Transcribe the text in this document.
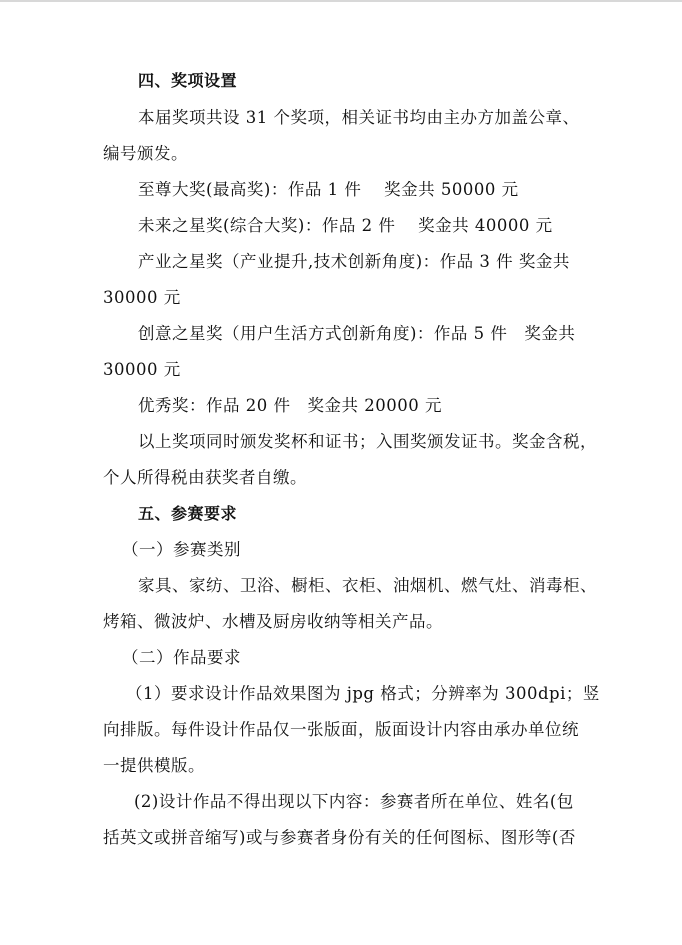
四、奖项设置

本届奖项共设 31 个奖项，相关证书均由主办方加盖公章、

编号颁发。

至尊大奖(最高奖)：作品 1 件　 奖金共 50000 元

未来之星奖(综合大奖)：作品 2 件　 奖金共 40000 元

产业之星奖（产业提升,技术创新角度)：作品 3 件 奖金共

30000 元

创意之星奖（用户生活方式创新角度)：作品 5 件　奖金共

30000 元

优秀奖：作品 20 件　奖金共 20000 元

以上奖项同时颁发奖杯和证书；入围奖颁发证书。奖金含税，

个人所得税由获奖者自缴。

五、参赛要求

（一）参赛类别

家具、家纺、卫浴、橱柜、衣柜、油烟机、燃气灶、消毒柜、

烤箱、微波炉、水槽及厨房收纳等相关产品。

（二）作品要求

（1）要求设计作品效果图为 jpg 格式；分辨率为 300dpi；竖

向排版。每件设计作品仅一张版面，版面设计内容由承办单位统

一提供模版。

(2)设计作品不得出现以下内容：参赛者所在单位、姓名(包

括英文或拼音缩写)或与参赛者身份有关的任何图标、图形等(否
